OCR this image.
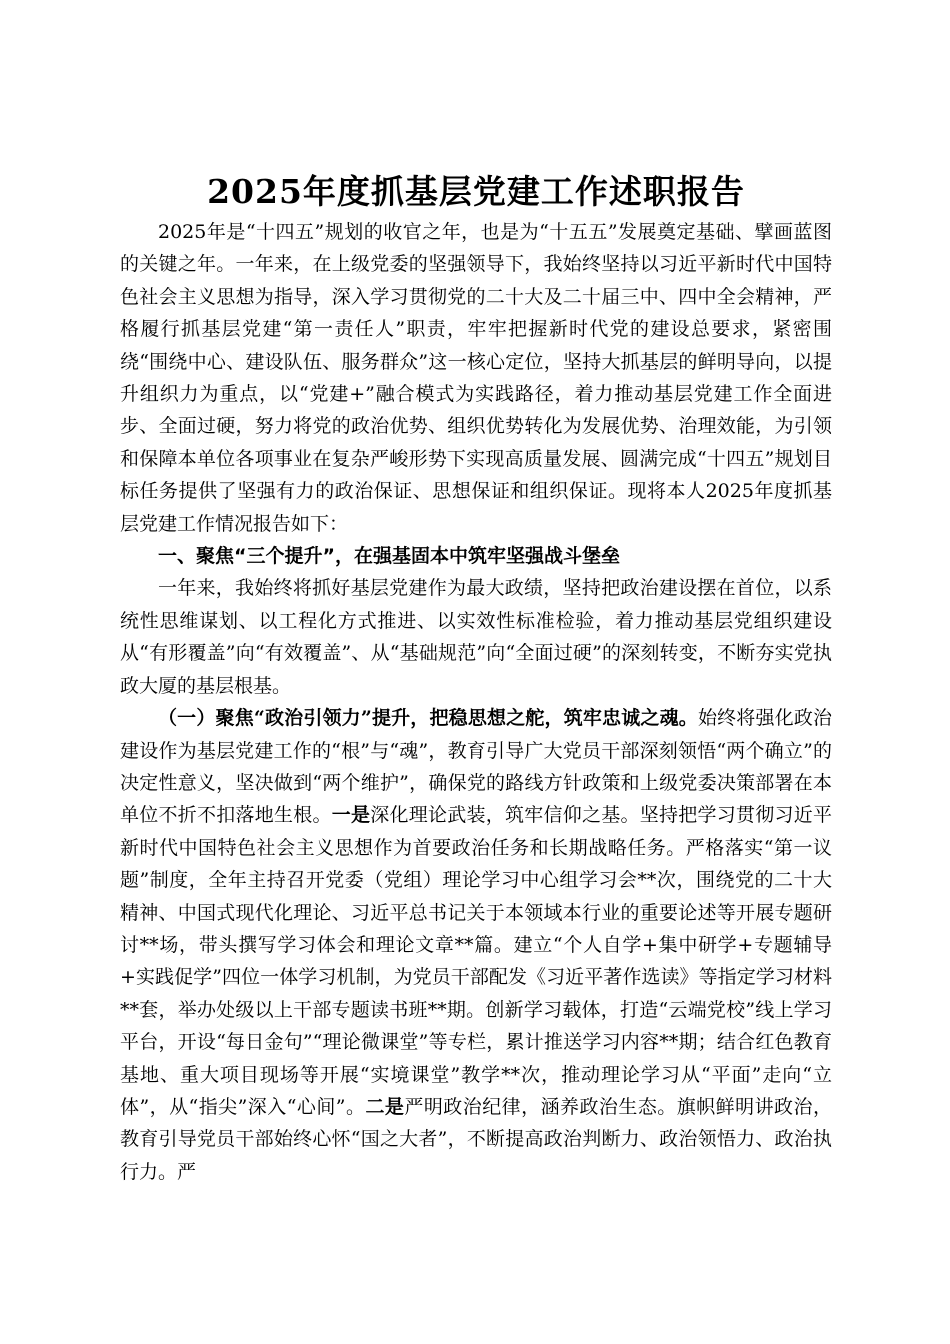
2025年度抓基层党建工作述职报告

2025年是“十四五”规划的收官之年，也是为“十五五”发展奠定基础、擘画蓝图的关键之年。一年来，在上级党委的坚强领导下，我始终坚持以习近平新时代中国特色社会主义思想为指导，深入学习贯彻党的二十大及二十届三中、四中全会精神，严格履行抓基层党建“第一责任人”职责，牢牢把握新时代党的建设总要求，紧密围绕“围绕中心、建设队伍、服务群众”这一核心定位，坚持大抓基层的鲜明导向，以提升组织力为重点，以“党建+”融合模式为实践路径，着力推动基层党建工作全面进步、全面过硬，努力将党的政治优势、组织优势转化为发展优势、治理效能，为引领和保障本单位各项事业在复杂严峻形势下实现高质量发展、圆满完成“十四五”规划目标任务提供了坚强有力的政治保证、思想保证和组织保证。现将本人2025年度抓基层党建工作情况报告如下：

一、聚焦“三个提升”，在强基固本中筑牢坚强战斗堡垒

一年来，我始终将抓好基层党建作为最大政绩，坚持把政治建设摆在首位，以系统性思维谋划、以工程化方式推进、以实效性标准检验，着力推动基层党组织建设从“有形覆盖”向“有效覆盖”、从“基础规范”向“全面过硬”的深刻转变，不断夯实党执政大厦的基层根基。

（一）聚焦“政治引领力”提升，把稳思想之舵，筑牢忠诚之魂。始终将强化政治建设作为基层党建工作的“根”与“魂”，教育引导广大党员干部深刻领悟“两个确立”的决定性意义，坚决做到“两个维护”，确保党的路线方针政策和上级党委决策部署在本单位不折不扣落地生根。一是深化理论武装，筑牢信仰之基。坚持把学习贯彻习近平新时代中国特色社会主义思想作为首要政治任务和长期战略任务。严格落实“第一议题”制度，全年主持召开党委（党组）理论学习中心组学习会**次，围绕党的二十大精神、中国式现代化理论、习近平总书记关于本领域本行业的重要论述等开展专题研讨**场，带头撰写学习体会和理论文章**篇。建立“个人自学+集中研学+专题辅导+实践促学”四位一体学习机制，为党员干部配发《习近平著作选读》等指定学习材料**套，举办处级以上干部专题读书班**期。创新学习载体，打造“云端党校”线上学习平台，开设“每日金句”“理论微课堂”等专栏，累计推送学习内容**期；结合红色教育基地、重大项目现场等开展“实境课堂”教学**次，推动理论学习从“平面”走向“立体”，从“指尖”深入“心间”。二是严明政治纪律，涵养政治生态。旗帜鲜明讲政治，教育引导党员干部始终心怀“国之大者”，不断提高政治判断力、政治领悟力、政治执行力。严
